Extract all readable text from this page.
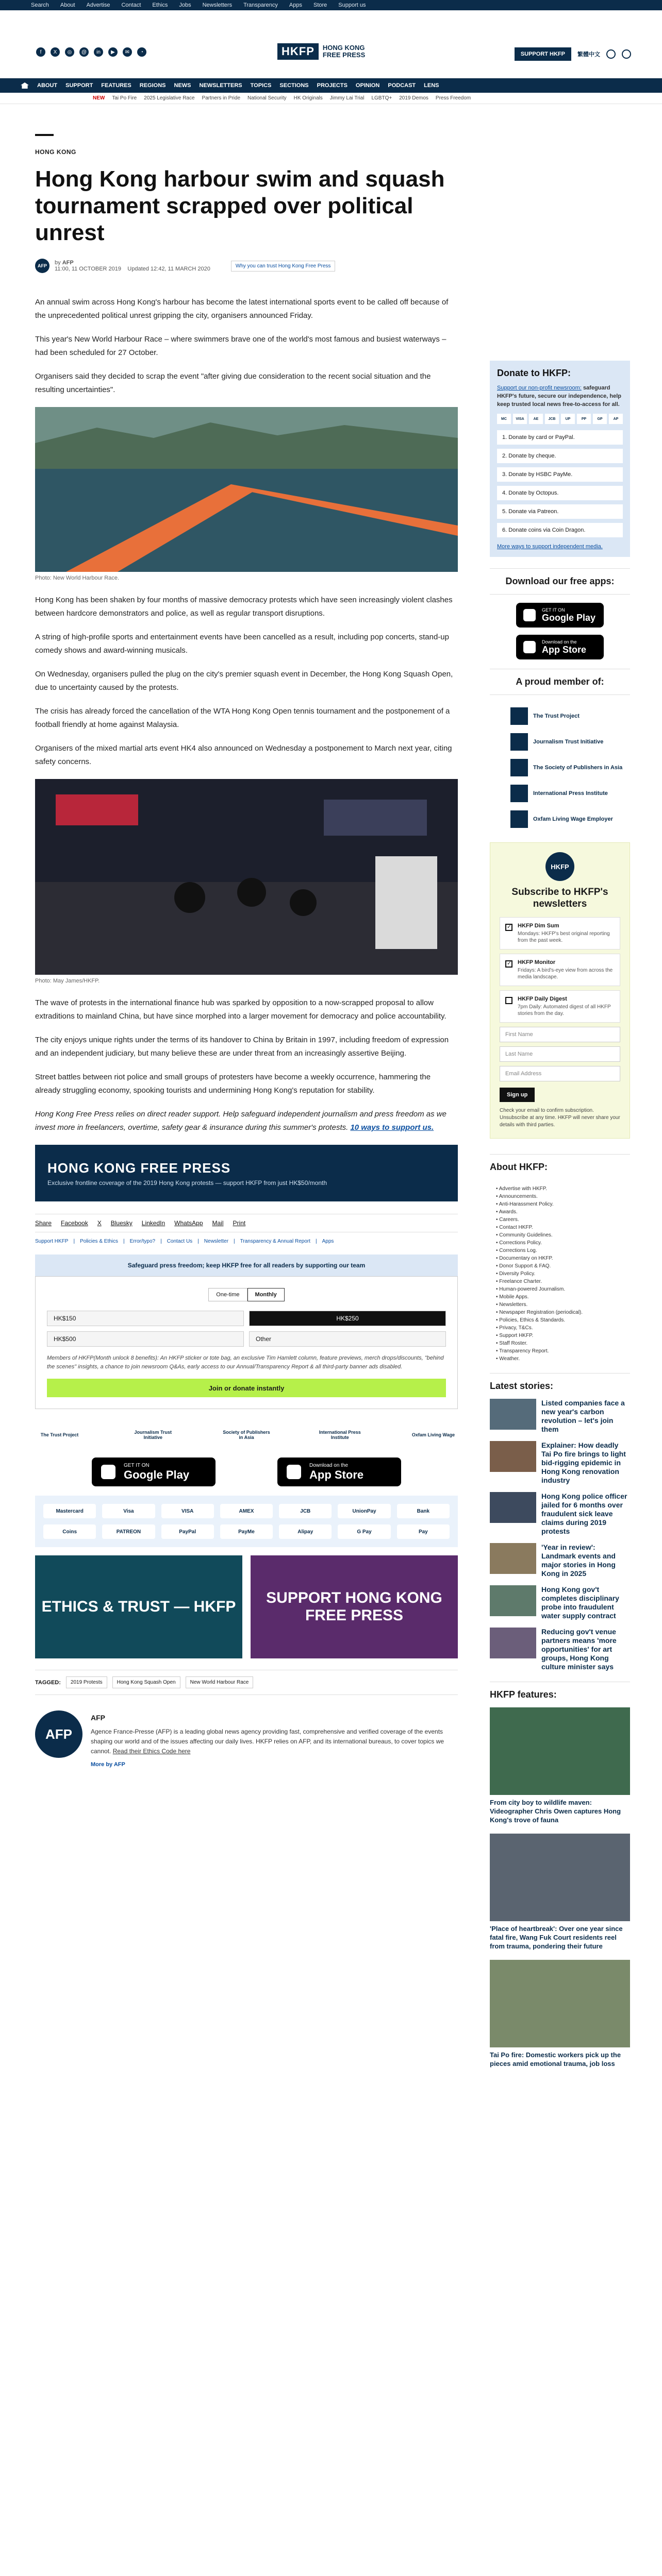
Search About Advertise Contact Ethics Jobs Newsletters Transparency Apps Store Support us
f	X	◎	@	in	▶	✉	◔	HKFP	HONG KONG
FREE PRESS	SUPPORT HKFP	繁體中文
ABOUT SUPPORT FEATURES REGIONS NEWS NEWSLETTERS TOPICS SECTIONS PROJECTS OPINION PODCAST LENS
NEW Tai Po Fire 2025 Legislative Race Partners in Pride National Security HK Originals Jimmy Lai Trial LGBTQ+ 2019 Demos Press Freedom
HONG KONG
Hong Kong harbour swim and squash tournament scrapped over political unrest
AFP	by AFP
11:00, 11 OCTOBER 2019 Updated 12:42, 11 MARCH 2020	Why you can trust Hong Kong Free Press

An annual swim across Hong Kong's harbour has become the latest international sports event to be called off because of the unprecedented political unrest gripping the city, organisers announced Friday.

This year's New World Harbour Race – where swimmers brave one of the world's most famous and busiest waterways – had been scheduled for 27 October.

Organisers said they decided to scrap the event "after giving due consideration to the recent social situation and the resulting uncertainties".

Photo: New World Harbour Race.

Hong Kong has been shaken by four months of massive democracy protests which have seen increasingly violent clashes between hardcore demonstrators and police, as well as regular transport disruptions.

A string of high-profile sports and entertainment events have been cancelled as a result, including pop concerts, stand-up comedy shows and award-winning musicals.

On Wednesday, organisers pulled the plug on the city's premier squash event in December, the Hong Kong Squash Open, due to uncertainty caused by the protests.

The crisis has already forced the cancellation of the WTA Hong Kong Open tennis tournament and the postponement of a football friendly at home against Malaysia.

Organisers of the mixed martial arts event HK4 also announced on Wednesday a postponement to March next year, citing safety concerns.

Photo: May James/HKFP.

The wave of protests in the international finance hub was sparked by opposition to a now-scrapped proposal to allow extraditions to mainland China, but have since morphed into a larger movement for democracy and police accountability.

The city enjoys unique rights under the terms of its handover to China by Britain in 1997, including freedom of expression and an independent judiciary, but many believe these are under threat from an increasingly assertive Beijing.

Street battles between riot police and small groups of protesters have become a weekly occurrence, hammering the already struggling economy, spooking tourists and undermining Hong Kong's reputation for stability.

Hong Kong Free Press relies on direct reader support. Help safeguard independent journalism and press freedom as we invest more in freelancers, overtime, safety gear & insurance during this summer's protests. 10 ways to support us.

HONG KONG FREE PRESS
Exclusive frontline coverage of the 2019 Hong Kong protests — support HKFP from just HK$50/month
Share Facebook X Bluesky LinkedIn WhatsApp Mail Print
Support HKFP | Policies & Ethics | Error/typo? | Contact Us | Newsletter | Transparency & Annual Report | Apps
Safeguard press freedom; keep HKFP free for all readers by supporting our team
One-time	Monthly
HK$150	HK$250
HK$500	Other
Members of HKFP(Month unlock 8 benefits): An HKFP sticker or tote bag, an exclusive Tim Hamlett column, feature previews, merch drops/discounts, "behind the scenes" insights, a chance to join newsroom Q&As, early access to our Annual/Transparency Report & all third-party banner ads disabled.
Join or donate instantly
The Trust Project	Journalism Trust Initiative
Society of Publishers in Asia
International Press Institute	Oxfam Living Wage
GET IT ON
Google Play
Download on the
App Store
Mastercard	Visa	VISA	AMEX	JCB	UnionPay	Bank
Coins	PATREON	PayPal	PayMe	Alipay	G Pay	Pay
ETHICS & TRUST — HKFP
SUPPORT HONG KONG FREE PRESS
TAGGED:	2019 Protests	Hong Kong Squash Open	New World Harbour Race
AFP
AFP
Agence France-Presse (AFP) is a leading global news agency providing fast, comprehensive and verified coverage of the events shaping our world and of the issues affecting our daily lives. HKFP relies on AFP, and its international bureaus, to cover topics we cannot. Read their Ethics Code here
More by AFP
Donate to HKFP:
Support our non-profit newsroom: safeguard HKFP's future, secure our independence, help keep trusted local news free-to-access for all.
MC	VISA	AE	JCB	UP	PP	GP	AP
1. Donate by card or PayPal.
2. Donate by cheque.
3. Donate by HSBC PayMe.
4. Donate by Octopus.
5. Donate via Patreon.
6. Donate coins via Coin Dragon.
More ways to support independent media.
Download our free apps:
GET IT ON
Google Play
Download on the
App Store
A proud member of:
The Trust Project
Journalism Trust Initiative
The Society of Publishers in Asia
International Press Institute
Oxfam Living Wage Employer
HKFP
Subscribe to HKFP's newsletters
✓
HKFP Dim Sum
Mondays: HKFP's best original reporting from the past week.
✓
HKFP Monitor
Fridays: A bird's-eye view from across the media landscape.
HKFP Daily Digest
7pm Daily: Automated digest of all HKFP stories from the day.
First Name
Last Name
Email Address
Sign up
Check your email to confirm subscription. Unsubscribe at any time. HKFP will never share your details with third parties.
About HKFP:
• Advertise with HKFP.
• Announcements.
• Anti-Harassment Policy.
• Awards.
• Careers.
• Contact HKFP.
• Community Guidelines.
• Corrections Policy.
• Corrections Log.
• Documentary on HKFP.
• Donor Support & FAQ.
• Diversity Policy.
• Freelance Charter.
• Human-powered Journalism.
• Mobile Apps.
• Newsletters.
• Newspaper Registration (periodical).
• Policies, Ethics & Standards.
• Privacy, T&Cs.
• Support HKFP.
• Staff Roster.
• Transparency Report.
• Weather.
Latest stories:
Listed companies face a new year's carbon revolution – let's join them
Explainer: How deadly Tai Po fire brings to light bid-rigging epidemic in Hong Kong renovation industry
Hong Kong police officer jailed for 6 months over fraudulent sick leave claims during 2019 protests
'Year in review': Landmark events and major stories in Hong Kong in 2025
Hong Kong gov't completes disciplinary probe into fraudulent water supply contract
Reducing gov't venue partners means 'more opportunities' for art groups, Hong Kong culture minister says
HKFP features:
From city boy to wildlife maven: Videographer Chris Owen captures Hong Kong's trove of fauna
'Place of heartbreak': Over one year since fatal fire, Wang Fuk Court residents reel from trauma, pondering their future
Tai Po fire: Domestic workers pick up the pieces amid emotional trauma, job loss
